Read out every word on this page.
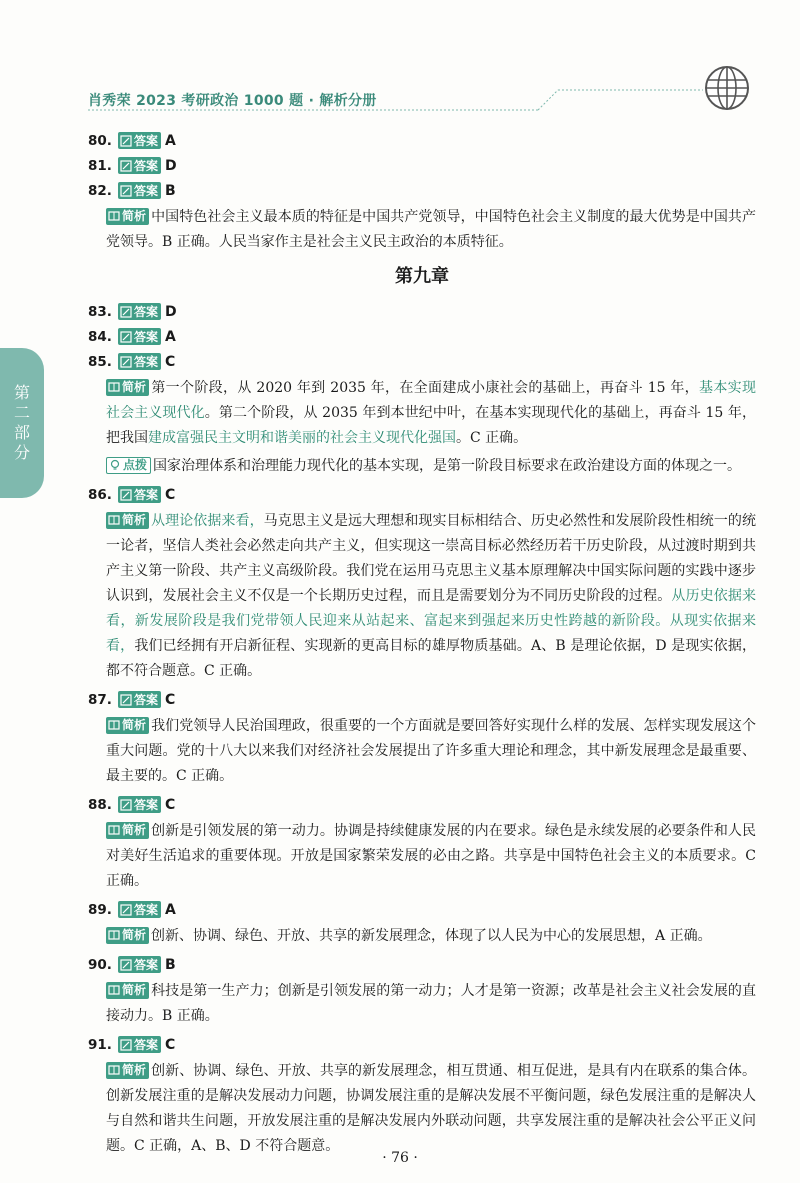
肖秀荣 2023 考研政治 1000 题 · 解析分册
第
二
部
分
80.	答案 A
81.	答案 D
82.	答案 B
简析 中国特色社会主义最本质的特征是中国共产党领导，中国特色社会主义制度的最大优势是中国共产党领导。B 正确。人民当家作主是社会主义民主政治的本质特征。
第九章
83.	答案 D
84.	答案 A
85.	答案 C
简析 第一个阶段，从 2020 年到 2035 年，在全面建成小康社会的基础上，再奋斗 15 年，基本实现社会主义现代化。第二个阶段，从 2035 年到本世纪中叶，在基本实现现代化的基础上，再奋斗 15 年，把我国建成富强民主文明和谐美丽的社会主义现代化强国。C 正确。
点拨 国家治理体系和治理能力现代化的基本实现，是第一阶段目标要求在政治建设方面的体现之一。
86.	答案 C
简析 从理论依据来看，马克思主义是远大理想和现实目标相结合、历史必然性和发展阶段性相统一的统一论者，坚信人类社会必然走向共产主义，但实现这一崇高目标必然经历若干历史阶段，从过渡时期到共产主义第一阶段、共产主义高级阶段。我们党在运用马克思主义基本原理解决中国实际问题的实践中逐步认识到，发展社会主义不仅是一个长期历史过程，而且是需要划分为不同历史阶段的过程。从历史依据来看，新发展阶段是我们党带领人民迎来从站起来、富起来到强起来历史性跨越的新阶段。从现实依据来看，我们已经拥有开启新征程、实现新的更高目标的雄厚物质基础。A、B 是理论依据，D 是现实依据，都不符合题意。C 正确。
87.	答案 C
简析 我们党领导人民治国理政，很重要的一个方面就是要回答好实现什么样的发展、怎样实现发展这个重大问题。党的十八大以来我们对经济社会发展提出了许多重大理论和理念，其中新发展理念是最重要、最主要的。C 正确。
88.	答案 C
简析 创新是引领发展的第一动力。协调是持续健康发展的内在要求。绿色是永续发展的必要条件和人民对美好生活追求的重要体现。开放是国家繁荣发展的必由之路。共享是中国特色社会主义的本质要求。C 正确。
89.	答案 A
简析 创新、协调、绿色、开放、共享的新发展理念，体现了以人民为中心的发展思想，A 正确。
90.	答案 B
简析 科技是第一生产力；创新是引领发展的第一动力；人才是第一资源；改革是社会主义社会发展的直接动力。B 正确。
91.	答案 C
简析 创新、协调、绿色、开放、共享的新发展理念，相互贯通、相互促进，是具有内在联系的集合体。创新发展注重的是解决发展动力问题，协调发展注重的是解决发展不平衡问题，绿色发展注重的是解决人与自然和谐共生问题，开放发展注重的是解决发展内外联动问题，共享发展注重的是解决社会公平正义问题。C 正确，A、B、D 不符合题意。
· 76 ·
